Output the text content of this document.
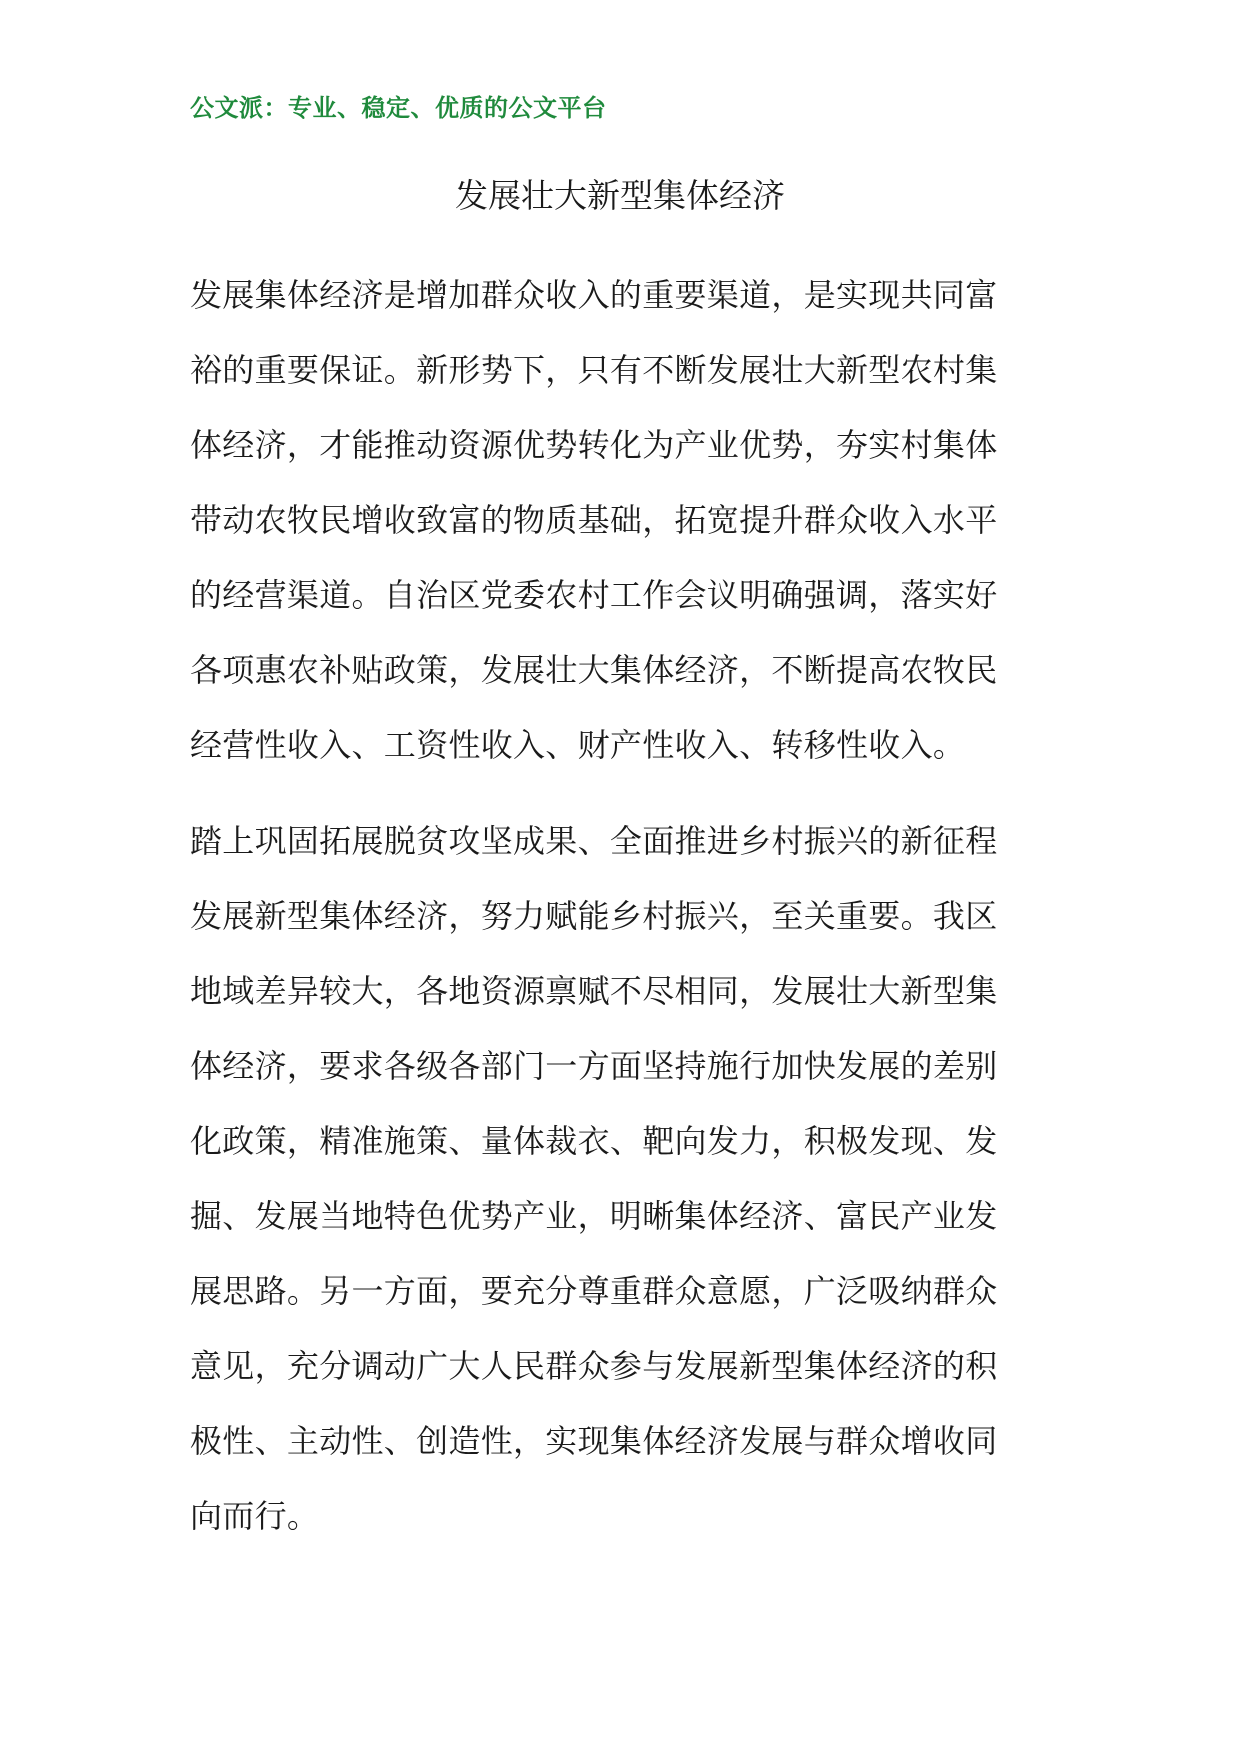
公文派：专业、稳定、优质的公文平台
发展壮大新型集体经济

发展集体经济是增加群众收入的重要渠道，是实现共同富
裕的重要保证。新形势下，只有不断发展壮大新型农村集
体经济，才能推动资源优势转化为产业优势，夯实村集体
带动农牧民增收致富的物质基础，拓宽提升群众收入水平
的经营渠道。自治区党委农村工作会议明确强调，落实好
各项惠农补贴政策，发展壮大集体经济，不断提高农牧民
经营性收入、工资性收入、财产性收入、转移性收入。

踏上巩固拓展脱贫攻坚成果、全面推进乡村振兴的新征程
发展新型集体经济，努力赋能乡村振兴，至关重要。我区
地域差异较大，各地资源禀赋不尽相同，发展壮大新型集
体经济，要求各级各部门一方面坚持施行加快发展的差别
化政策，精准施策、量体裁衣、靶向发力，积极发现、发
掘、发展当地特色优势产业，明晰集体经济、富民产业发
展思路。另一方面，要充分尊重群众意愿，广泛吸纳群众
意见，充分调动广大人民群众参与发展新型集体经济的积
极性、主动性、创造性，实现集体经济发展与群众增收同
向而行。
